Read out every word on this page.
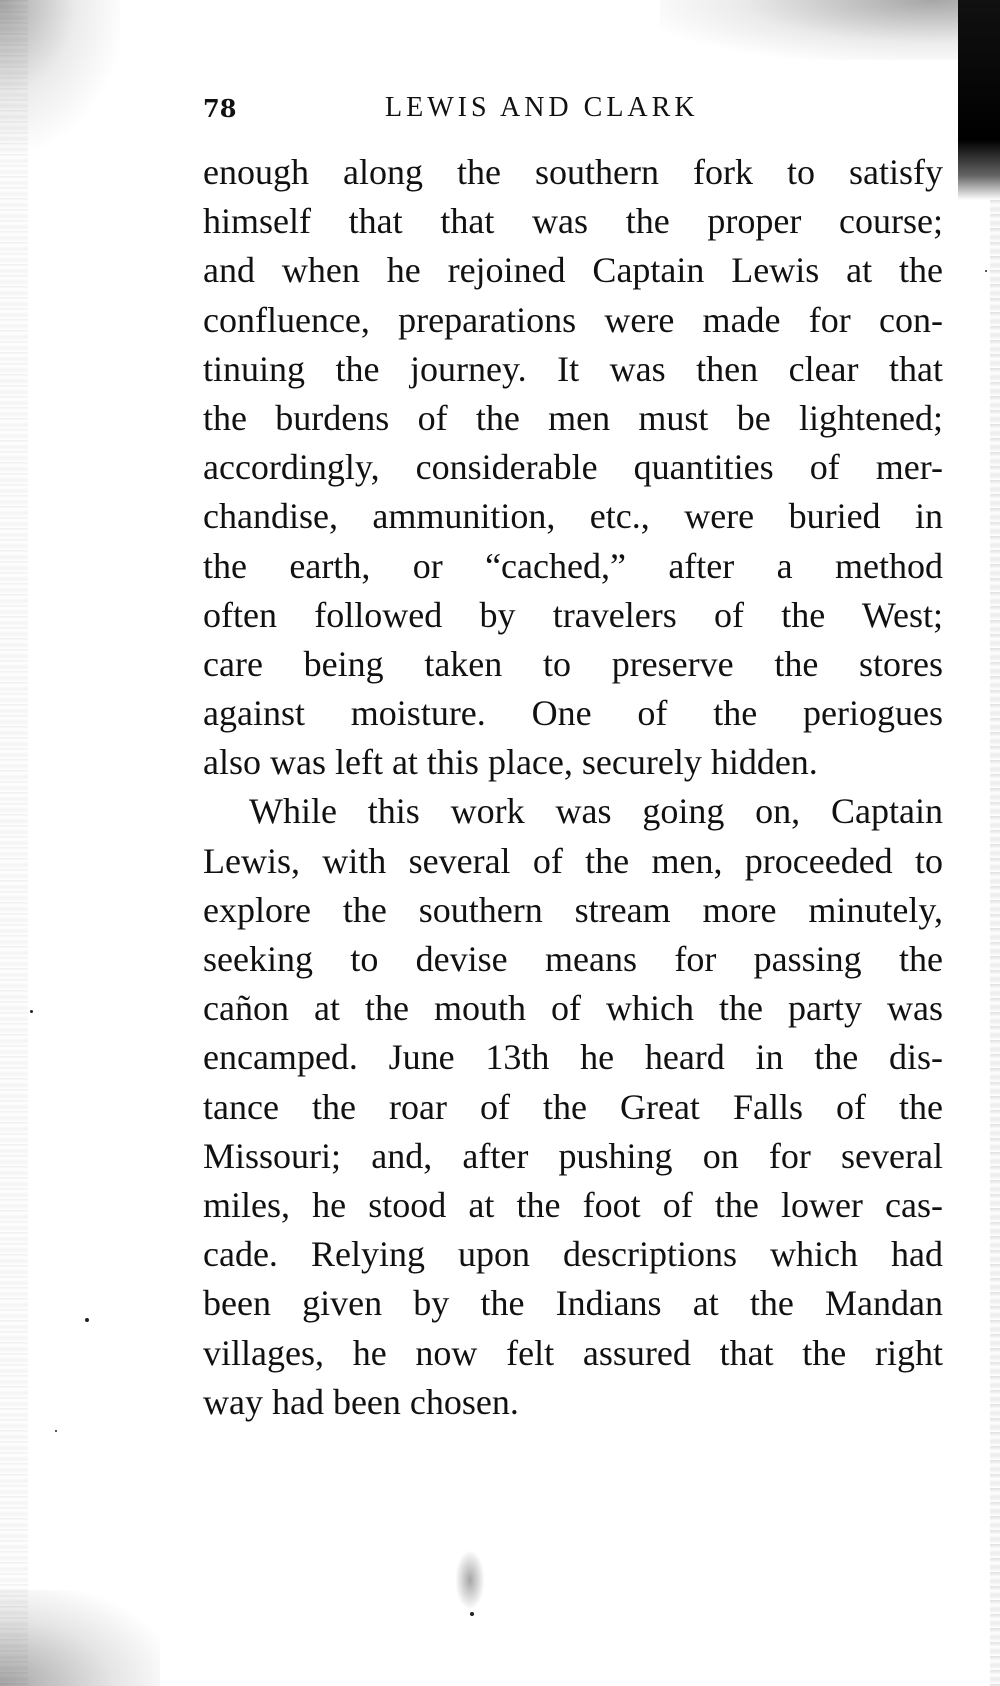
78	LEWIS AND CLARK
enough along the southern fork to satisfy
himself that that was the proper course;
and when he rejoined Captain Lewis at the
confluence, preparations were made for con-
tinuing the journey. It was then clear that
the burdens of the men must be lightened;
accordingly, considerable quantities of mer-
chandise, ammunition, etc., were buried in
the earth, or “cached,” after a method
often followed by travelers of the West;
care being taken to preserve the stores
against moisture. One of the periogues
also was left at this place, securely hidden.
While this work was going on, Captain
Lewis, with several of the men, proceeded to
explore the southern stream more minutely,
seeking to devise means for passing the
cañon at the mouth of which the party was
encamped. June 13th he heard in the dis-
tance the roar of the Great Falls of the
Missouri; and, after pushing on for several
miles, he stood at the foot of the lower cas-
cade. Relying upon descriptions which had
been given by the Indians at the Mandan
villages, he now felt assured that the right
way had been chosen.
